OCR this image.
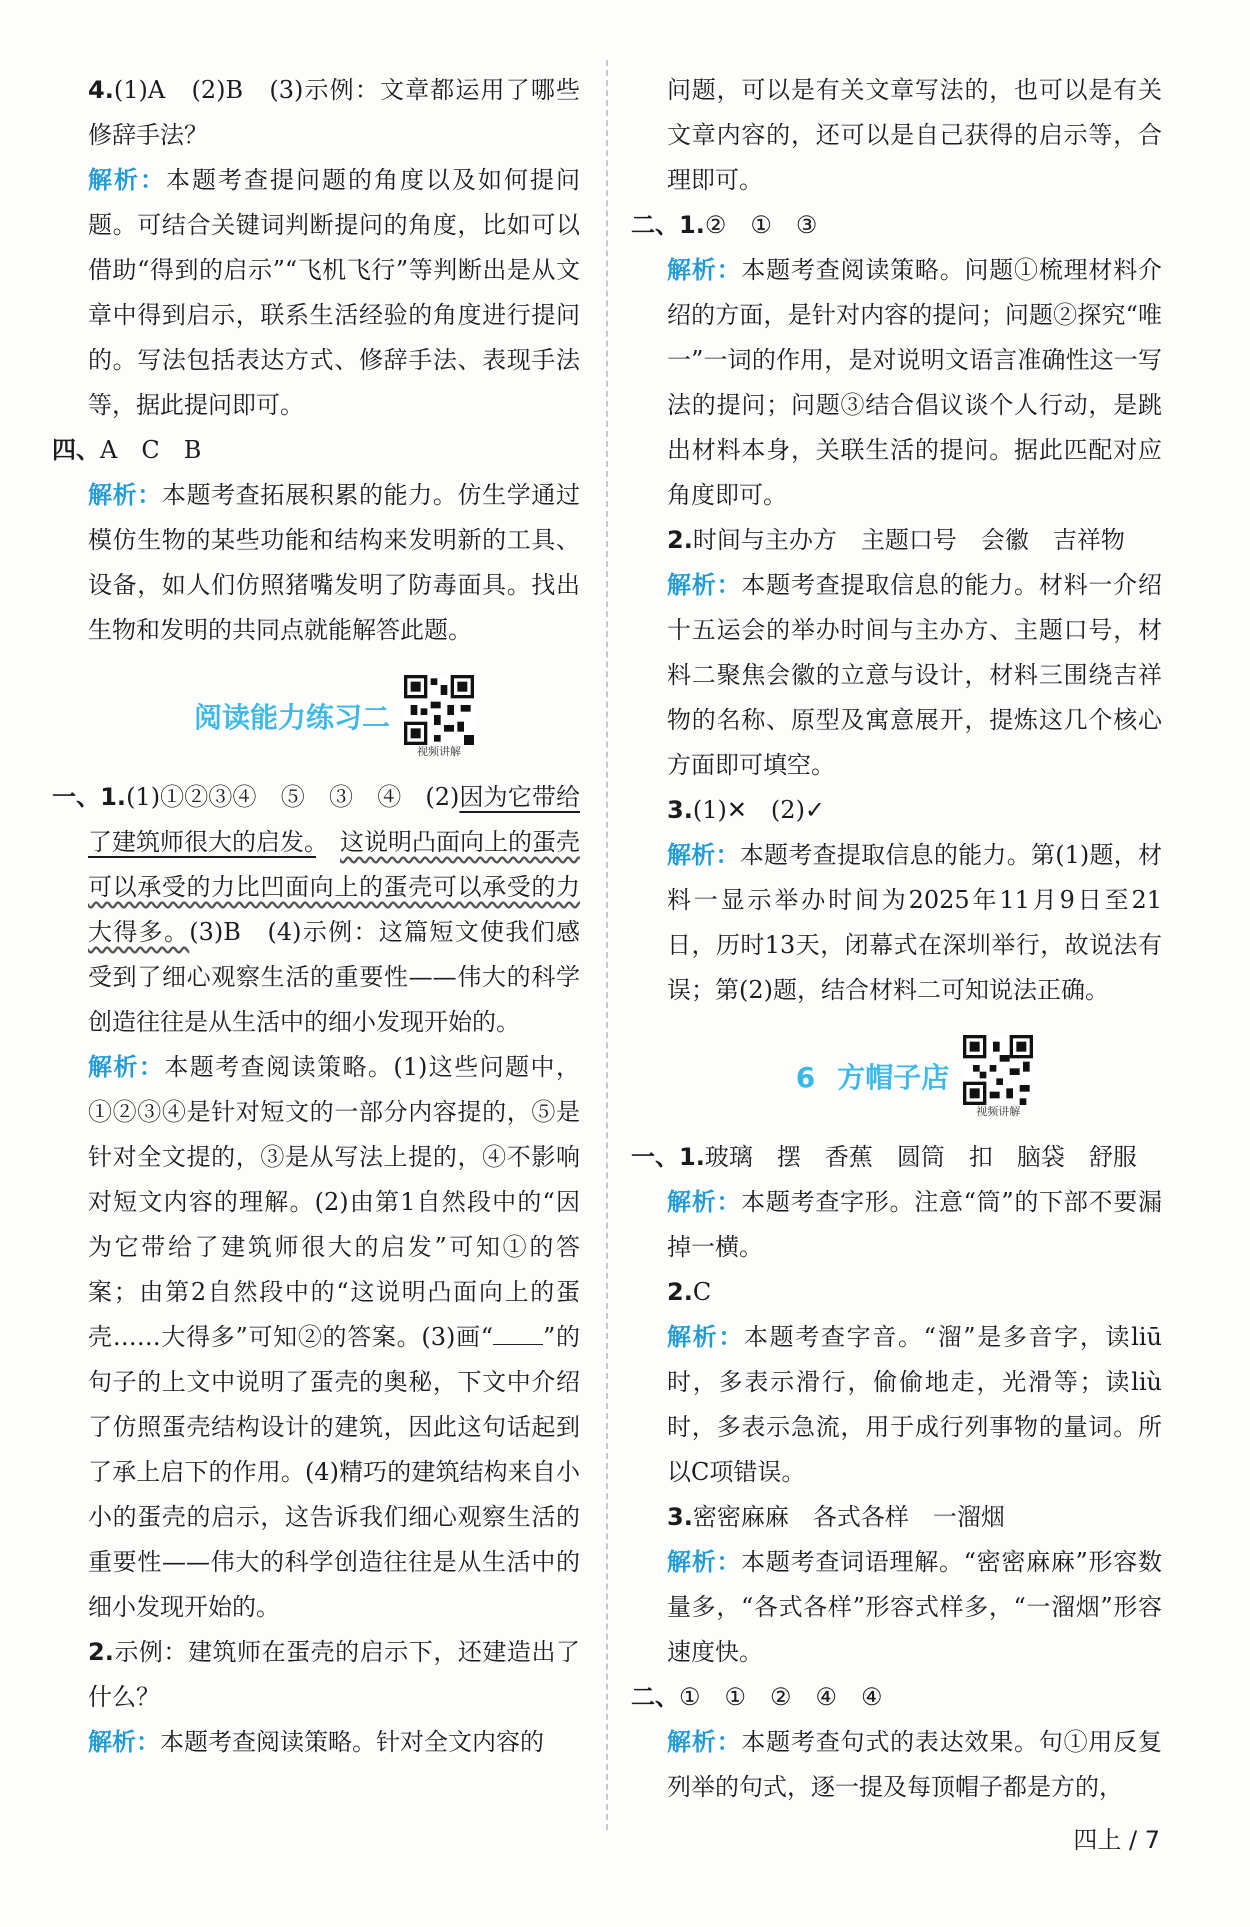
4.(1)A　(2)B　(3)示例：文章都运用了哪些修辞手法？

解析：本题考查提问题的角度以及如何提问题。可结合关键词判断提问的角度，比如可以借助“得到的启示”“飞机飞行”等判断出是从文章中得到启示，联系生活经验的角度进行提问的。写法包括表达方式、修辞手法、表现手法等，据此提问即可。

四、A　C　B

解析：本题考查拓展积累的能力。仿生学通过模仿生物的某些功能和结构来发明新的工具、设备，如人们仿照猪嘴发明了防毒面具。找出生物和发明的共同点就能解答此题。

阅读能力练习二
视频讲解

一、1.(1)①②③④　⑤　③　④　(2)因为它带给了建筑师很大的启发。　 这说明凸面向上的蛋壳可以承受的力比凹面向上的蛋壳可以承受的力大得多。(3)B　(4)示例：这篇短文使我们感受到了细心观察生活的重要性——伟大的科学创造往往是从生活中的细小发现开始的。

解析：本题考查阅读策略。(1)这些问题中，①②③④是针对短文的一部分内容提的，⑤是针对全文提的，③是从写法上提的，④不影响对短文内容的理解。(2)由第1自然段中的“因为它带给了建筑师很大的启发”可知①的答案；由第2自然段中的“这说明凸面向上的蛋壳……大得多”可知②的答案。(3)画“ ”的句子的上文中说明了蛋壳的奥秘，下文中介绍了仿照蛋壳结构设计的建筑，因此这句话起到了承上启下的作用。(4)精巧的建筑结构来自小小的蛋壳的启示，这告诉我们细心观察生活的重要性——伟大的科学创造往往是从生活中的细小发现开始的。

2.示例：建筑师在蛋壳的启示下，还建造出了什么？

解析：本题考查阅读策略。针对全文内容的

问题，可以是有关文章写法的，也可以是有关文章内容的，还可以是自己获得的启示等，合理即可。

二、1.②　①　③

解析：本题考查阅读策略。问题①梳理材料介绍的方面，是针对内容的提问；问题②探究“唯一”一词的作用，是对说明文语言准确性这一写法的提问；问题③结合倡议谈个人行动，是跳出材料本身，关联生活的提问。据此匹配对应角度即可。

2.时间与主办方　主题口号　会徽　吉祥物

解析：本题考查提取信息的能力。材料一介绍十五运会的举办时间与主办方、主题口号，材料二聚焦会徽的立意与设计，材料三围绕吉祥物的名称、原型及寓意展开，提炼这几个核心方面即可填空。

3.(1)✕　(2)✓

解析：本题考查提取信息的能力。第(1)题，材料一显示举办时间为2025年11月9日至21日，历时13天，闭幕式在深圳举行，故说法有误；第(2)题，结合材料二可知说法正确。

6 方帽子店
视频讲解

一、1.玻璃　摆　香蕉　圆筒　扣　脑袋　舒服

解析：本题考查字形。注意“筒”的下部不要漏掉一横。

2.C

解析：本题考查字音。“溜”是多音字，读liū时，多表示滑行，偷偷地走，光滑等；读liù时，多表示急流，用于成行列事物的量词。所以C项错误。

3.密密麻麻　各式各样　一溜烟

解析：本题考查词语理解。“密密麻麻”形容数量多，“各式各样”形容式样多，“一溜烟”形容速度快。

二、①　①　②　④　④

解析：本题考查句式的表达效果。句①用反复列举的句式，逐一提及每顶帽子都是方的，

四上 / 7
